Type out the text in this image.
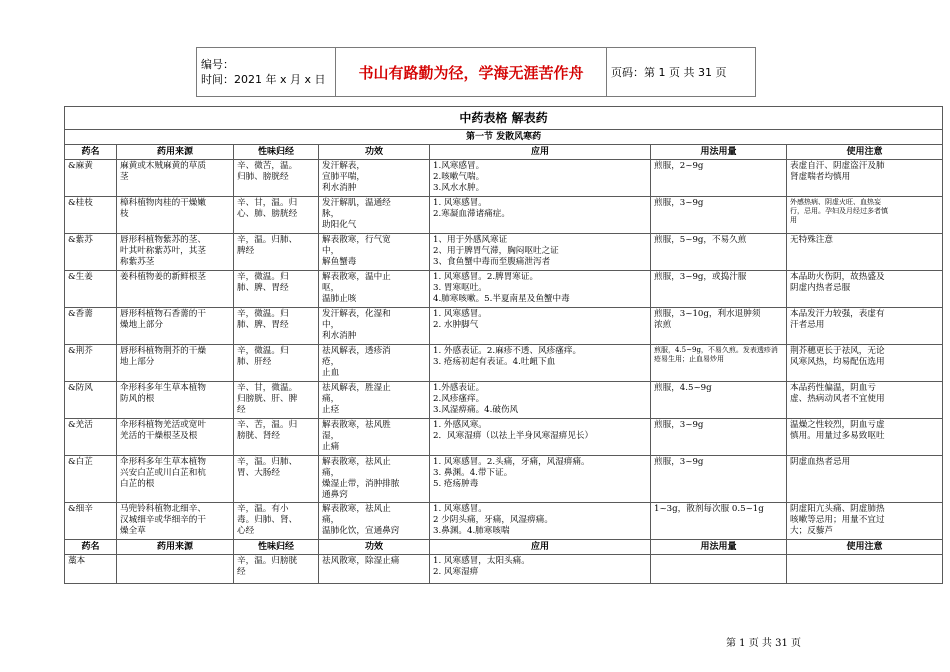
编号：
时间：2021 年 x 月 x 日	书山有路勤为径，学海无涯苦作舟	页码：第 1 页 共 31 页
中药表格 解表药						
第一节 发散风寒药						
药名	药用来源	性味归经	功效	应用	用法用量	使用注意
&麻黄	麻黄或木贼麻黄的草质
茎	辛、微苦，温。
归肺、膀胱经	发汗解表，
宣肺平喘，
利水消肿	1.风寒感冒。
2.咳嗽气喘。
3.风水水肿。	煎服，2~9g	表虚自汗、阴虚盗汗及肺
肾虚喘者均慎用

&桂枝	樟科植物肉桂的干燥嫩
枝	辛、甘，温。归
心、肺、膀胱经	发汗解肌，温通经
脉，
助阳化气	1. 风寒感冒。
2.寒凝血滞诸痛症。	煎服，3~9g	外感热病、阴虚火旺、血热妄
行，忌用。孕妇及月经过多者慎
用

&紫苏	唇形科植物紫苏的茎、
叶其叶称紫苏叶，其茎
称紫苏茎	辛，温。归肺、
脾经	解表散寒，行气宽
中，
解鱼蟹毒	1、用于外感风寒证
2、用于脾胃气滞，胸闷呕吐之证
3、食鱼蟹中毒而至腹痛泄泻者	煎服，5~9g，不易久煎	无特殊注意

&生姜	姜科植物姜的新鲜根茎	辛，微温。归
肺、脾、胃经	解表散寒，温中止
呕，
温肺止咳	1. 风寒感冒。2.脾胃寒证。
3. 胃寒呕吐。
4.肺寒咳嗽。5.半夏南星及鱼蟹中毒	煎服，3~9g，或捣汁服	本品助火伤阴，故热盛及
阴虚内热者忌服

&香薷	唇形科植物石香薷的干
燥地上部分	辛，微温。归
肺、脾、胃经	发汗解表，化湿和
中，
利水消肿	1. 风寒感冒。
2. 水肿脚气	煎服，3~10g，利水退肿须
浓煎	本品发汗力较强，表虚有
汗者忌用

&荆芥	唇形科植物荆芥的干燥
地上部分	辛，微温。归
肺、肝经	祛风解表，透疹消
疮，
止血	1. 外感表证。2.麻疹不透、风疹瘙痒。
3. 疮疡初起有表证。4.吐衄下血	煎服，4.5~9g，不易久煎。发表透疹消
疮易生用；止血易炒用	荆芥穗更长于祛风，无论
风寒风热，均易配伍选用

&防风	伞形科多年生草本植物
防风的根	辛、甘，微温。
归膀胱、肝、脾
经	祛风解表，胜湿止
痛，
止痉	1.外感表证。
2.风疹瘙痒。
3.风湿痹痛。4.破伤风	煎服，4.5~9g	本品药性偏温，阴血亏
虚、热病动风者不宜使用

&羌活	伞形科植物羌活或宽叶
羌活的干燥根茎及根	辛、苦，温。归
膀胱、肾经	解表散寒，祛风胜
湿，
止痛	1. 外感风寒。
2．风寒湿痹（以祛上半身风寒湿痹见长）	煎服，3~9g	温燥之性较烈，阴血亏虚
慎用。用量过多易致呕吐

&白芷	伞形科多年生草本植物
兴安白芷或川白芷和杭
白芷的根	辛，温。归肺、
胃、大肠经	解表散寒，祛风止
痛，
燥湿止带，消肿排脓
通鼻窍	1. 风寒感冒。2.头痛，牙痛，风湿痹痛。
3. 鼻渊。4.带下证。
5. 疮疡肿毒	煎服，3~9g	阴虚血热者忌用

&细辛	马兜铃科植物北细辛、
汉城细辛或华细辛的干
燥全草	辛，温。有小
毒。归肺、肾、
心经	解表散寒，祛风止
痛，
温肺化饮，宣通鼻窍	1. 风寒感冒。
2 少阴头痛，牙痛，风湿痹痛。
3.鼻渊。4.肺寒咳喘	1~3g，散剂每次服 0.5~1g	阴虚阳亢头痛、阴虚肺热
咳嗽等忌用；用量不宜过
大；反藜芦

药名	药用来源	性味归经	功效	应用	用法用量	使用注意
藁本		辛，温。归膀胱
经	祛风散寒，除湿止痛	1. 风寒感冒，太阳头痛。
2. 风寒湿痹		

第 1 页 共 31 页
